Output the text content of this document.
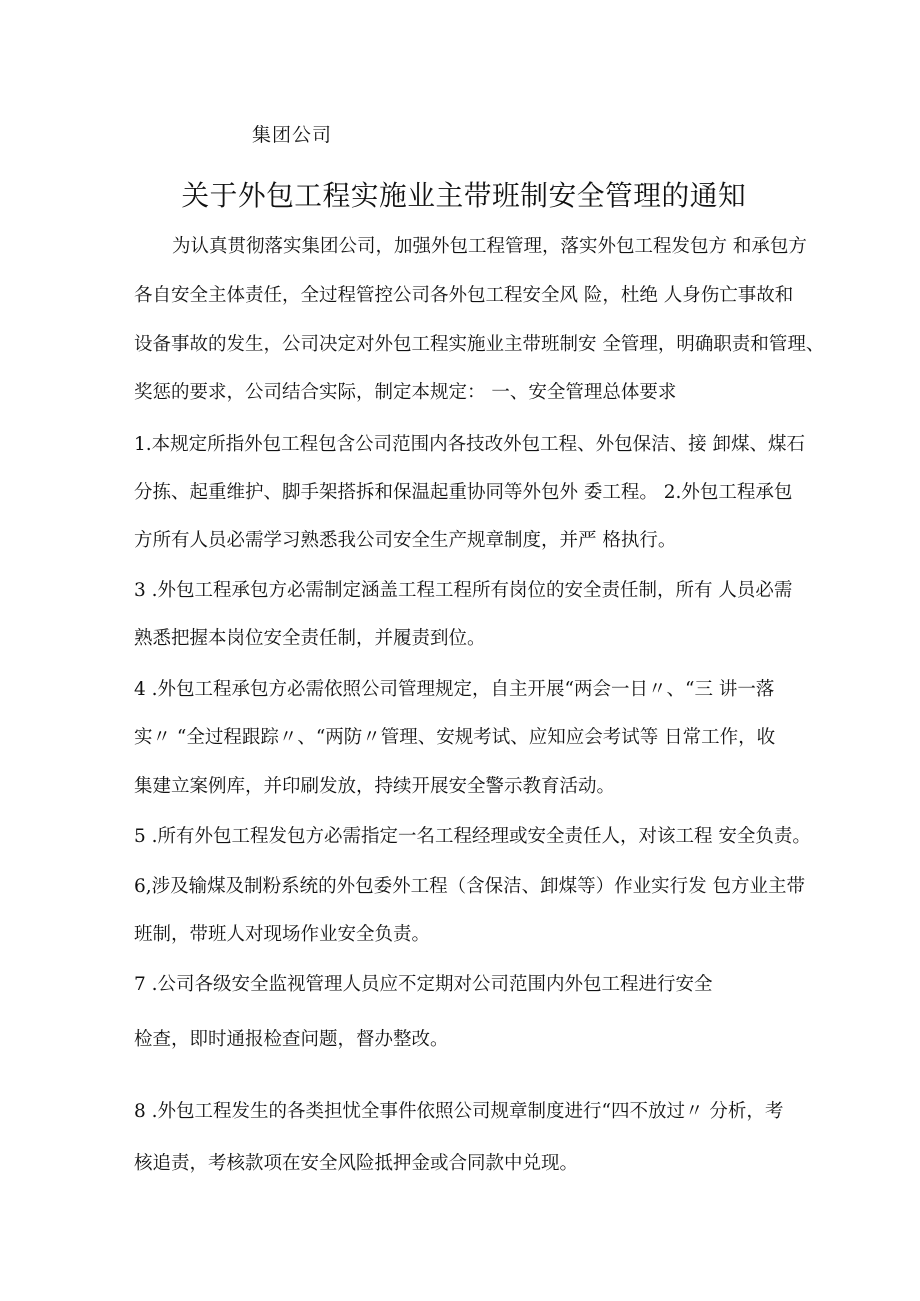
集团公司
关于外包工程实施业主带班制安全管理的通知
为认真贯彻落实集团公司，加强外包工程管理，落实外包工程发包方 和承包方
各自安全主体责任，全过程管控公司各外包工程安全风 险，杜绝 人身伤亡事故和
设备事故的发生，公司决定对外包工程实施业主带班制安 全管理，明确职责和管理、
奖惩的要求，公司结合实际，制定本规定： 一、安全管理总体要求
1.本规定所指外包工程包含公司范围内各技改外包工程、外包保洁、接 卸煤、煤石
分拣、起重维护、脚手架搭拆和保温起重协同等外包外 委工程。 2.外包工程承包
方所有人员必需学习熟悉我公司安全生产规章制度，并严 格执行。
3 .外包工程承包方必需制定涵盖工程工程所有岗位的安全责任制，所有 人员必需
熟悉把握本岗位安全责任制，并履责到位。
4 .外包工程承包方必需依照公司管理规定，自主开展“两会一日〃、“三 讲一落
实〃 “全过程跟踪〃、“两防〃管理、安规考试、应知应会考试等 日常工作，收
集建立案例库，并印刷发放，持续开展安全警示教育活动。
5 .所有外包工程发包方必需指定一名工程经理或安全责任人，对该工程 安全负责。
6,涉及输煤及制粉系统的外包委外工程（含保洁、卸煤等）作业实行发 包方业主带
班制，带班人对现场作业安全负责。
7 .公司各级安全监视管理人员应不定期对公司范围内外包工程进行安全
检查，即时通报检查问题，督办整改。
8 .外包工程发生的各类担忧全事件依照公司规章制度进行“四不放过〃 分析，考
核追责，考核款项在安全风险抵押金或合同款中兑现。
